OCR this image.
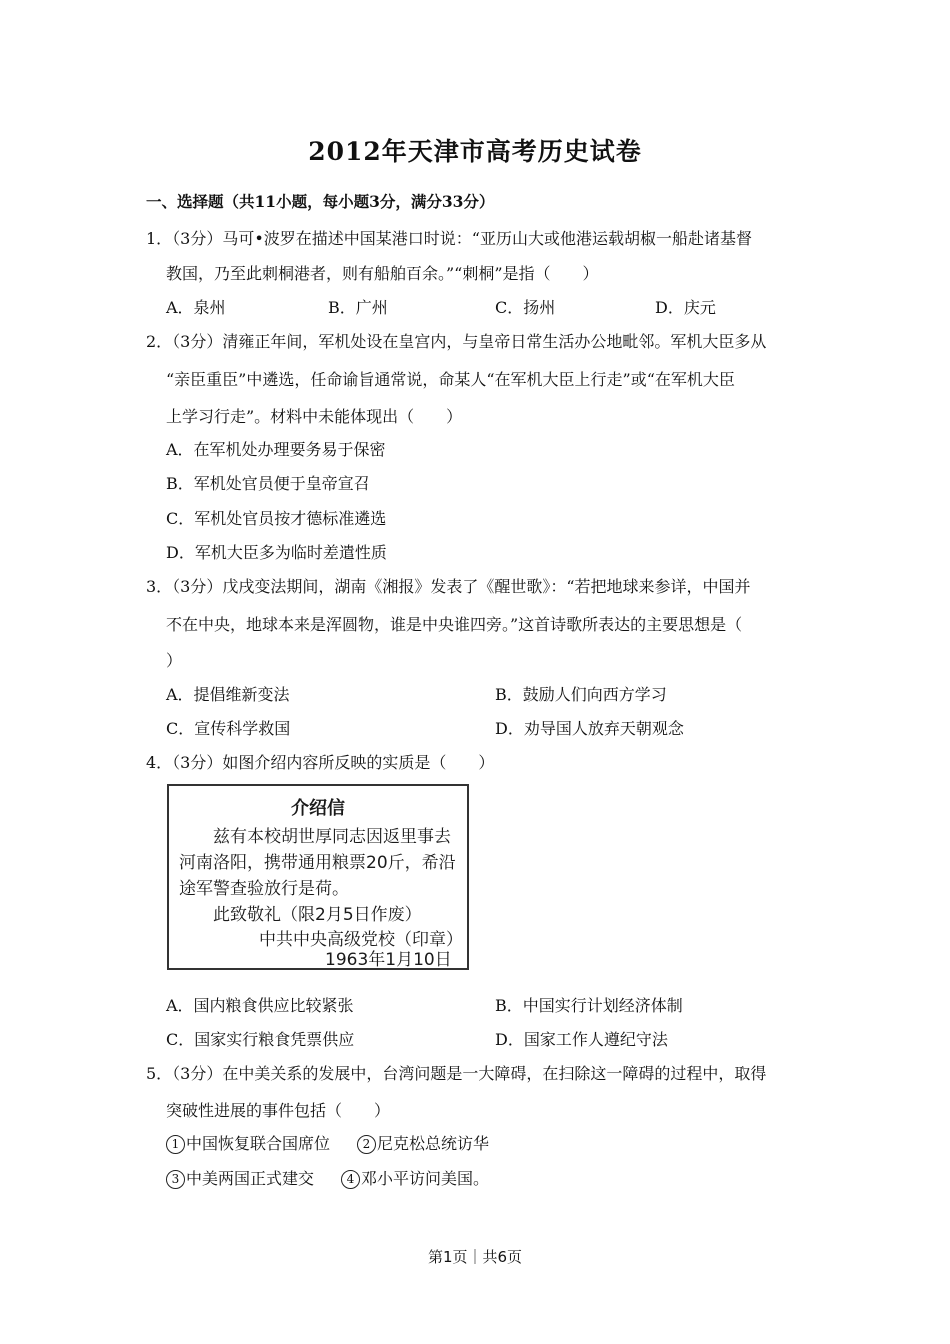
2012年天津市高考历史试卷
一、选择题（共11小题，每小题3分，满分33分）
1．（3分）马可•波罗在描述中国某港口时说：“亚历山大或他港运载胡椒一船赴诸基督
教国，乃至此刺桐港者，则有船舶百余。”“刺桐”是指（　　）
A．泉州	B．广州	C．扬州	D．庆元
2．（3分）清雍正年间，军机处设在皇宫内，与皇帝日常生活办公地毗邻。军机大臣多从
“亲臣重臣”中遴选，任命谕旨通常说，命某人“在军机大臣上行走”或“在军机大臣
上学习行走”。材料中未能体现出（　　）
A．在军机处办理要务易于保密
B．军机处官员便于皇帝宣召
C．军机处官员按才德标准遴选
D．军机大臣多为临时差遣性质
3．（3分）戊戌变法期间，湖南《湘报》发表了《醒世歌》：“若把地球来参详，中国并
不在中央，地球本来是浑圆物，谁是中央谁四旁。”这首诗歌所表达的主要思想是（
）
A．提倡维新变法	B．鼓励人们向西方学习
C．宣传科学救国	D．劝导国人放弃天朝观念
4．（3分）如图介绍内容所反映的实质是（　　）
介绍信
兹有本校胡世厚同志因返里事去
河南洛阳，携带通用粮票20斤，希沿
途军警查验放行是荷。
此致敬礼（限2月5日作废）
中共中央高级党校（印章）
1963年1月10日
A．国内粮食供应比较紧张	B．中国实行计划经济体制
C．国家实行粮食凭票供应	D．国家工作人遵纪守法
5．（3分）在中美关系的发展中，台湾问题是一大障碍，在扫除这一障碍的过程中，取得
突破性进展的事件包括（　　）
1 中国恢复联合国席位	2 尼克松总统访华
3 中美两国正式建交	4 邓小平访问美国。
第1页｜共6页
